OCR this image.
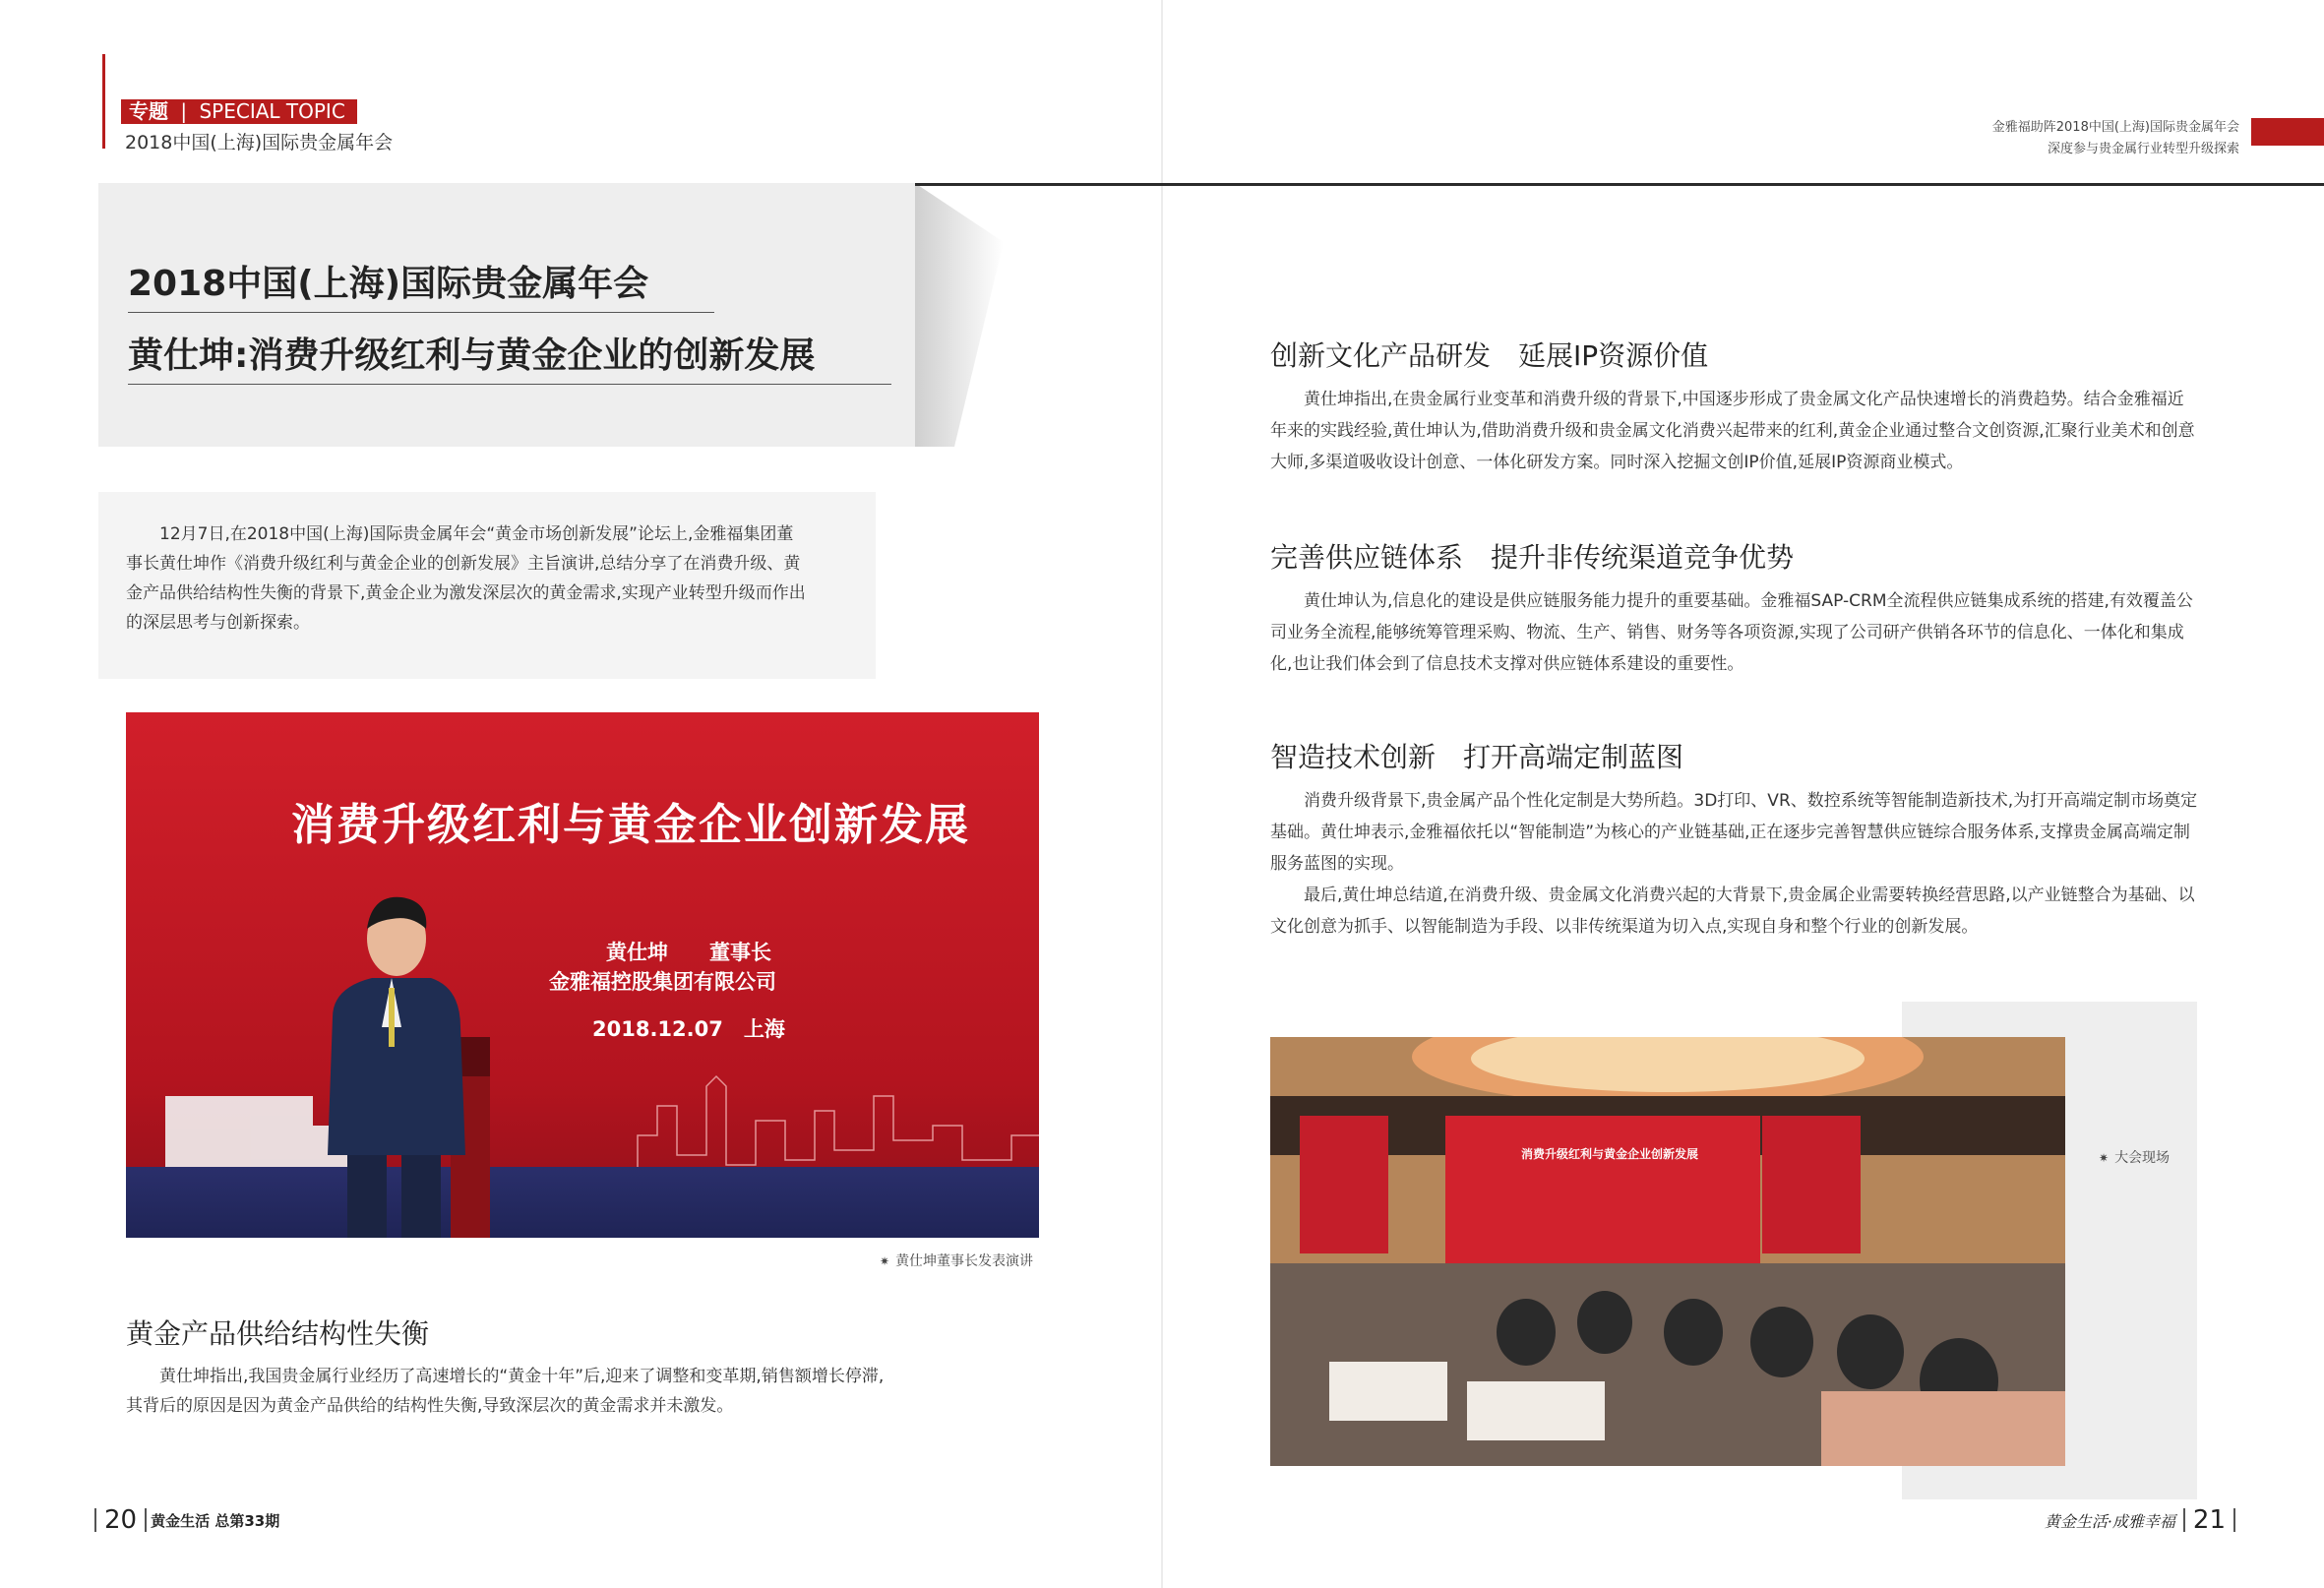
专题 | SPECIAL TOPIC
2018中国(上海)国际贵金属年会
2018中国(上海)国际贵金属年会
黄仕坤:消费升级红利与黄金企业的创新发展

12月7日,在2018中国(上海)国际贵金属年会“黄金市场创新发展”论坛上,金雅福集团董事长黄仕坤作《消费升级红利与黄金企业的创新发展》主旨演讲,总结分享了在消费升级、黄金产品供给结构性失衡的背景下,黄金企业为激发深层次的黄金需求,实现产业转型升级而作出的深层思考与创新探索。

消费升级红利与黄金企业创新发展
黄仕坤　　董事长
金雅福控股集团有限公司
2018.12.07　上海
✷ 黄仕坤董事长发表演讲
黄金产品供给结构性失衡

黄仕坤指出,我国贵金属行业经历了高速增长的“黄金十年”后,迎来了调整和变革期,销售额增长停滞,其背后的原因是因为黄金产品供给的结构性失衡,导致深层次的黄金需求并未激发。

20 黄金生活 总第33期
金雅福助阵2018中国(上海)国际贵金属年会
深度参与贵金属行业转型升级探索
创新文化产品研发　延展IP资源价值

黄仕坤指出,在贵金属行业变革和消费升级的背景下,中国逐步形成了贵金属文化产品快速增长的消费趋势。结合金雅福近年来的实践经验,黄仕坤认为,借助消费升级和贵金属文化消费兴起带来的红利,黄金企业通过整合文创资源,汇聚行业美术和创意大师,多渠道吸收设计创意、一体化研发方案。同时深入挖掘文创IP价值,延展IP资源商业模式。

完善供应链体系　提升非传统渠道竞争优势

黄仕坤认为,信息化的建设是供应链服务能力提升的重要基础。金雅福SAP-CRM全流程供应链集成系统的搭建,有效覆盖公司业务全流程,能够统筹管理采购、物流、生产、销售、财务等各项资源,实现了公司研产供销各环节的信息化、一体化和集成化,也让我们体会到了信息技术支撑对供应链体系建设的重要性。

智造技术创新　打开高端定制蓝图

消费升级背景下,贵金属产品个性化定制是大势所趋。3D打印、VR、数控系统等智能制造新技术,为打开高端定制市场奠定基础。黄仕坤表示,金雅福依托以“智能制造”为核心的产业链基础,正在逐步完善智慧供应链综合服务体系,支撑贵金属高端定制服务蓝图的实现。

最后,黄仕坤总结道,在消费升级、贵金属文化消费兴起的大背景下,贵金属企业需要转换经营思路,以产业链整合为基础、以文化创意为抓手、以智能制造为手段、以非传统渠道为切入点,实现自身和整个行业的创新发展。

消费升级红利与黄金企业创新发展	✷ 大会现场
黄金生活·成雅幸福 21
